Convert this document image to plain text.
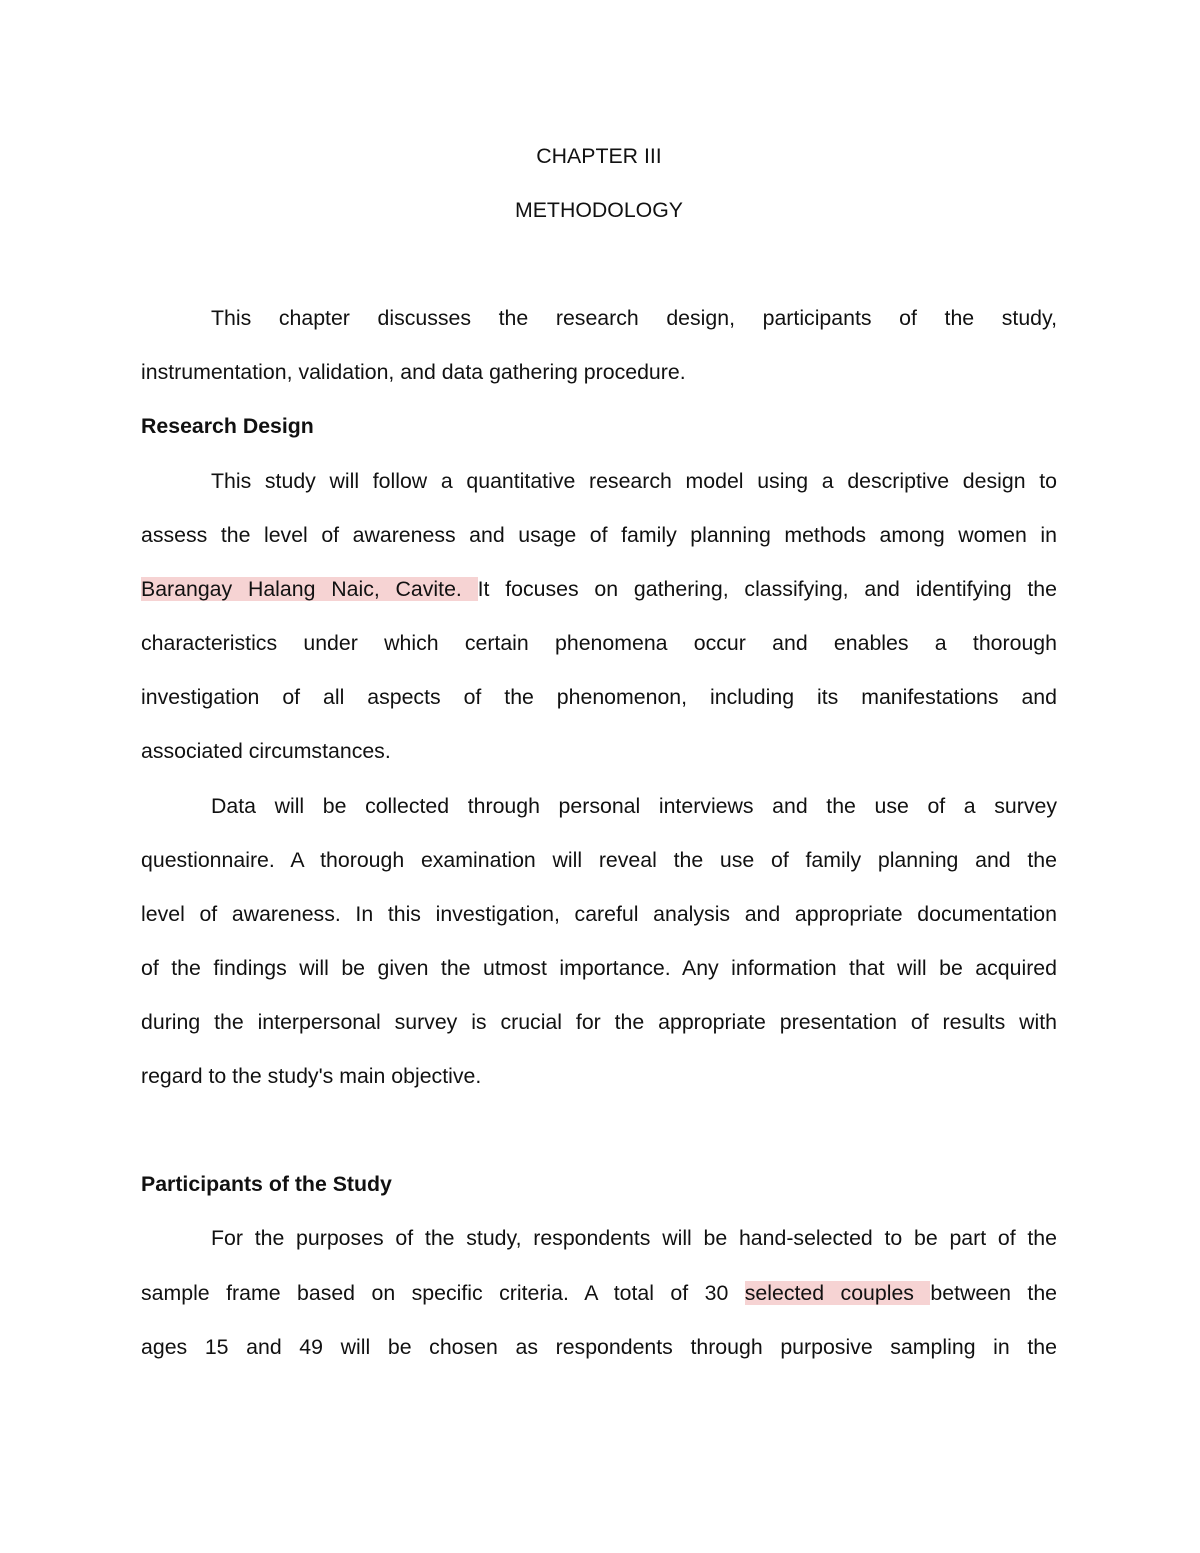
CHAPTER III
METHODOLOGY
This chapter discusses the research design, participants of the study,
instrumentation, validation, and data gathering procedure.
Research Design
This study will follow a quantitative research model using a descriptive design to
assess the level of awareness and usage of family planning methods among women in
Barangay Halang Naic, Cavite. It focuses on gathering, classifying, and identifying the
characteristics under which certain phenomena occur and enables a thorough
investigation of all aspects of the phenomenon, including its manifestations and
associated circumstances.
Data will be collected through personal interviews and the use of a survey
questionnaire. A thorough examination will reveal the use of family planning and the
level of awareness. In this investigation, careful analysis and appropriate documentation
of the findings will be given the utmost importance. Any information that will be acquired
during the interpersonal survey is crucial for the appropriate presentation of results with
regard to the study's main objective.
Participants of the Study
For the purposes of the study, respondents will be hand-selected to be part of the
sample frame based on specific criteria. A total of 30 selected couples between the
ages 15 and 49 will be chosen as respondents through purposive sampling in the
